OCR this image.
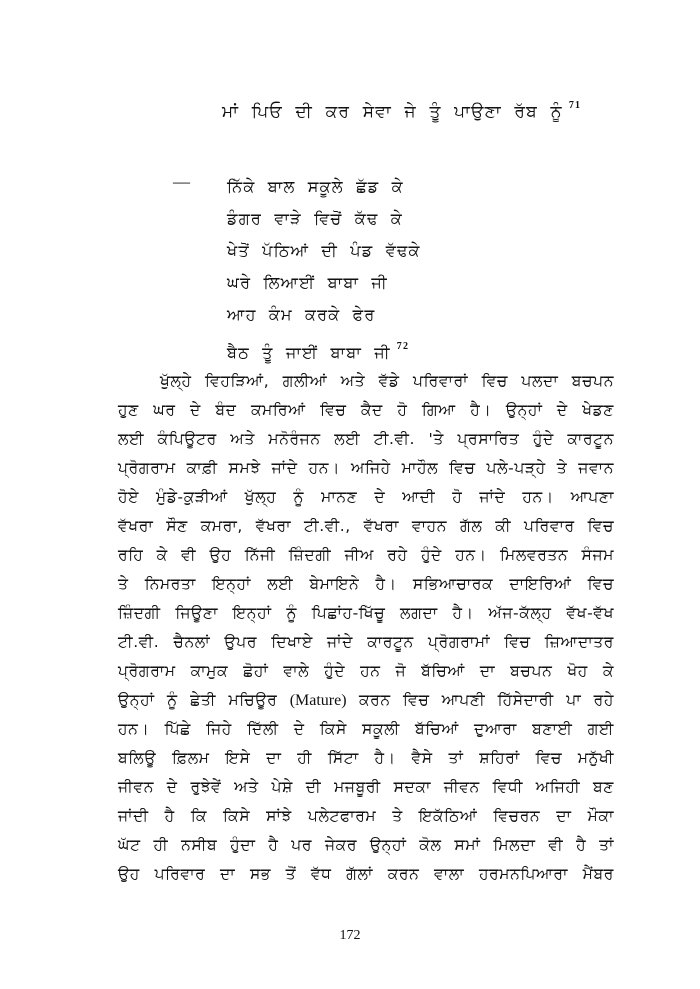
ਮਾਂ ਪਿਓ ਦੀ ਕਰ ਸੇਵਾ ਜੇ ਤੂੰ ਪਾਉਣਾ ਰੱਬ ਨੂੰ $^{71}$
— ਨਿੱਕੇ ਬਾਲ ਸਕੂਲੇ ਛੱਡ ਕੇ
ਡੰਗਰ ਵਾੜੇ ਵਿਚੋਂ ਕੱਢ ਕੇ
ਖੇਤੋਂ ਪੱਠਿਆਂ ਦੀ ਪੰਡ ਵੱਢਕੇ
ਘਰੇ ਲਿਆਈਂ ਬਾਬਾ ਜੀ
ਆਹ ਕੰਮ ਕਰਕੇ ਫੇਰ
ਬੈਠ ਤੂੰ ਜਾਈਂ ਬਾਬਾ ਜੀ $^{72}$
ਖੁੱਲ੍ਹੇ ਵਿਹੜਿਆਂ, ਗਲੀਆਂ ਅਤੇ ਵੱਡੇ ਪਰਿਵਾਰਾਂ ਵਿਚ ਪਲਦਾ ਬਚਪਨ
ਹੁਣ ਘਰ ਦੇ ਬੰਦ ਕਮਰਿਆਂ ਵਿਚ ਕੈਦ ਹੋ ਗਿਆ ਹੈ। ਉਨ੍ਹਾਂ ਦੇ ਖੇਡਣ
ਲਈ ਕੰਪਿਊਟਰ ਅਤੇ ਮਨੋਰੰਜਨ ਲਈ ਟੀ.ਵੀ. 'ਤੇ ਪ੍ਰਸਾਰਿਤ ਹੁੰਦੇ ਕਾਰਟੂਨ
ਪ੍ਰੋਗਰਾਮ ਕਾਫ਼ੀ ਸਮਝੇ ਜਾਂਦੇ ਹਨ। ਅਜਿਹੇ ਮਾਹੌਲ ਵਿਚ ਪਲੇ-ਪੜ੍ਹੇ ਤੇ ਜਵਾਨ
ਹੋਏ ਮੁੰਡੇ-ਕੁੜੀਆਂ ਖੁੱਲ੍ਹ ਨੂੰ ਮਾਨਣ ਦੇ ਆਦੀ ਹੋ ਜਾਂਦੇ ਹਨ। ਆਪਣਾ
ਵੱਖਰਾ ਸੌਣ ਕਮਰਾ, ਵੱਖਰਾ ਟੀ.ਵੀ., ਵੱਖਰਾ ਵਾਹਨ ਗੱਲ ਕੀ ਪਰਿਵਾਰ ਵਿਚ
ਰਹਿ ਕੇ ਵੀ ਉਹ ਨਿੱਜੀ ਜ਼ਿੰਦਗੀ ਜੀਅ ਰਹੇ ਹੁੰਦੇ ਹਨ। ਮਿਲਵਰਤਨ ਸੰਜਮ
ਤੇ ਨਿਮਰਤਾ ਇਨ੍ਹਾਂ ਲਈ ਬੇਮਾਇਨੇ ਹੈ। ਸਭਿਆਚਾਰਕ ਦਾਇਰਿਆਂ ਵਿਚ
ਜ਼ਿੰਦਗੀ ਜਿਊਣਾ ਇਨ੍ਹਾਂ ਨੂੰ ਪਿਛਾਂਹ-ਖਿੱਚੂ ਲਗਦਾ ਹੈ। ਅੱਜ-ਕੱਲ੍ਹ ਵੱਖ-ਵੱਖ
ਟੀ.ਵੀ. ਚੈਨਲਾਂ ਉਪਰ ਦਿਖਾਏ ਜਾਂਦੇ ਕਾਰਟੂਨ ਪ੍ਰੋਗਰਾਮਾਂ ਵਿਚ ਜ਼ਿਆਦਾਤਰ
ਪ੍ਰੋਗਰਾਮ ਕਾਮੁਕ ਛੋਹਾਂ ਵਾਲੇ ਹੁੰਦੇ ਹਨ ਜੋ ਬੱਚਿਆਂ ਦਾ ਬਚਪਨ ਖੋਹ ਕੇ
ਉਨ੍ਹਾਂ ਨੂੰ ਛੇਤੀ ਮਚਿਊਰ (Mature) ਕਰਨ ਵਿਚ ਆਪਣੀ ਹਿੱਸੇਦਾਰੀ ਪਾ ਰਹੇ
ਹਨ। ਪਿੱਛੇ ਜਿਹੇ ਦਿੱਲੀ ਦੇ ਕਿਸੇ ਸਕੂਲੀ ਬੱਚਿਆਂ ਦੁਆਰਾ ਬਣਾਈ ਗਈ
ਬਲਿਊ ਫ਼ਿਲਮ ਇਸੇ ਦਾ ਹੀ ਸਿੱਟਾ ਹੈ। ਵੈਸੇ ਤਾਂ ਸ਼ਹਿਰਾਂ ਵਿਚ ਮਨੁੱਖੀ
ਜੀਵਨ ਦੇ ਰੁਝੇਵੇਂ ਅਤੇ ਪੇਸ਼ੇ ਦੀ ਮਜਬੂਰੀ ਸਦਕਾ ਜੀਵਨ ਵਿਧੀ ਅਜਿਹੀ ਬਣ
ਜਾਂਦੀ ਹੈ ਕਿ ਕਿਸੇ ਸਾਂਝੇ ਪਲੇਟਫਾਰਮ ਤੇ ਇਕੱਠਿਆਂ ਵਿਚਰਨ ਦਾ ਮੌਕਾ
ਘੱਟ ਹੀ ਨਸੀਬ ਹੁੰਦਾ ਹੈ ਪਰ ਜੇਕਰ ਉਨ੍ਹਾਂ ਕੋਲ ਸਮਾਂ ਮਿਲਦਾ ਵੀ ਹੈ ਤਾਂ
ਉਹ ਪਰਿਵਾਰ ਦਾ ਸਭ ਤੋਂ ਵੱਧ ਗੱਲਾਂ ਕਰਨ ਵਾਲਾ ਹਰਮਨਪਿਆਰਾ ਮੈਂਬਰ
172
